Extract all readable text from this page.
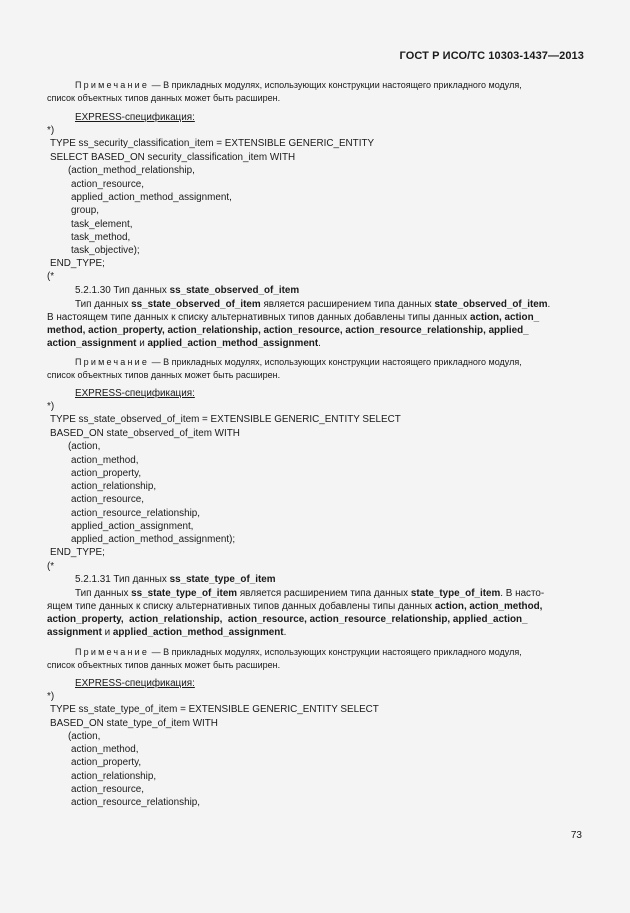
ГОСТ Р ИСО/ТС 10303-1437—2013
Примечание — В прикладных модулях, использующих конструкции настоящего прикладного модуля,
список объектных типов данных может быть расширен.
EXPRESS-спецификация:
*)
TYPE ss_security_classification_item = EXTENSIBLE GENERIC_ENTITY
SELECT BASED_ON security_classification_item WITH
(action_method_relationship,
action_resource,
applied_action_method_assignment,
group,
task_element,
task_method,
task_objective);
END_TYPE;
(*
5.2.1.30 Тип данных ss_state_observed_of_item
Тип данных ss_state_observed_of_item является расширением типа данных state_observed_of_item.
В настоящем типе данных к списку альтернативных типов данных добавлены типы данных action, action_
method, action_property, action_relationship, action_resource, action_resource_relationship, applied_
action_assignment и applied_action_method_assignment.
Примечание — В прикладных модулях, использующих конструкции настоящего прикладного модуля,
список объектных типов данных может быть расширен.
EXPRESS-спецификация:
*)
TYPE ss_state_observed_of_item = EXTENSIBLE GENERIC_ENTITY SELECT
BASED_ON state_observed_of_item WITH
(action,
action_method,
action_property,
action_relationship,
action_resource,
action_resource_relationship,
applied_action_assignment,
applied_action_method_assignment);
END_TYPE;
(*
5.2.1.31 Тип данных ss_state_type_of_item
Тип данных ss_state_type_of_item является расширением типа данных state_type_of_item. В насто-
ящем типе данных к списку альтернативных типов данных добавлены типы данных action, action_method,
action_property,  action_relationship,  action_resource, action_resource_relationship, applied_action_
assignment и applied_action_method_assignment.
Примечание — В прикладных модулях, использующих конструкции настоящего прикладного модуля,
список объектных типов данных может быть расширен.
EXPRESS-спецификация:
*)
TYPE ss_state_type_of_item = EXTENSIBLE GENERIC_ENTITY SELECT
BASED_ON state_type_of_item WITH
(action,
action_method,
action_property,
action_relationship,
action_resource,
action_resource_relationship,
73
